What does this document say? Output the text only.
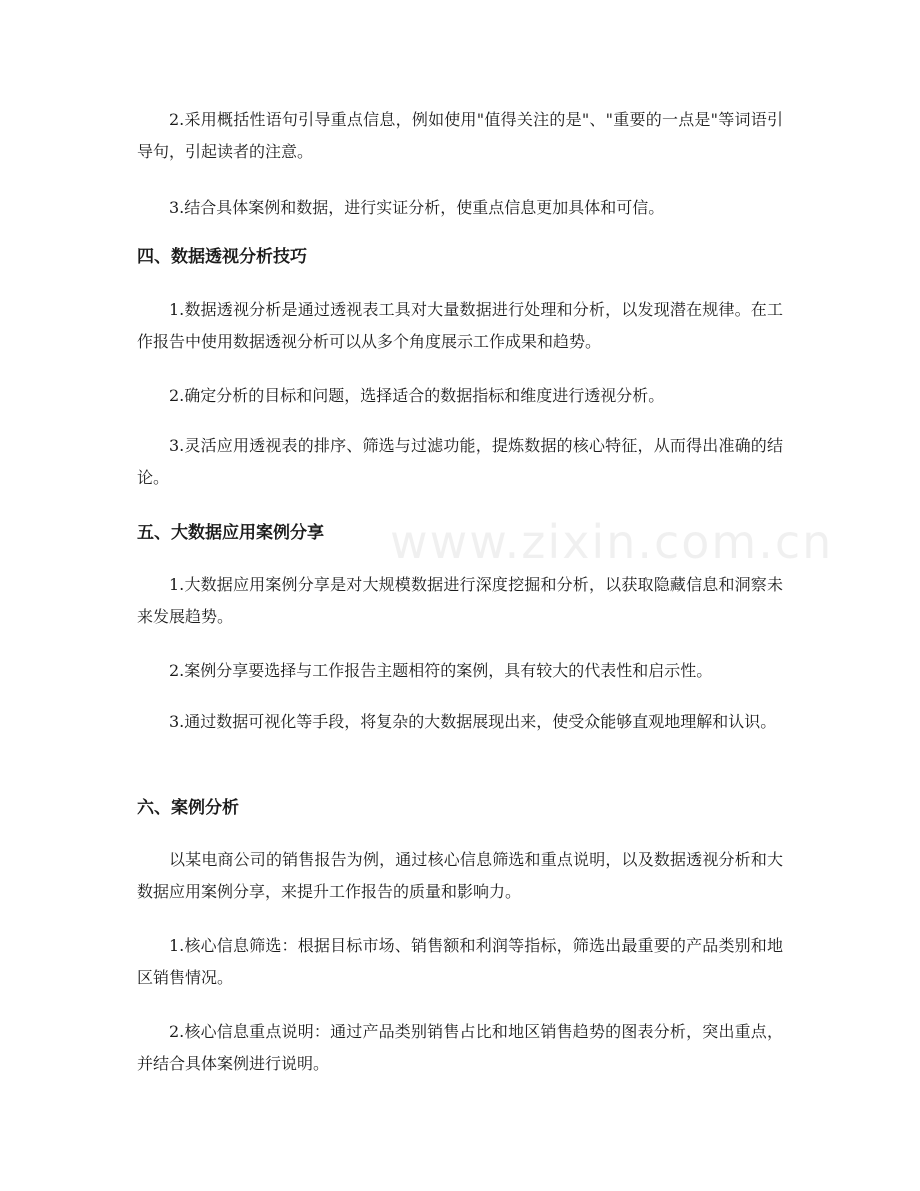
2.采用概括性语句引导重点信息，例如使用"值得关注的是"、"重要的一点是"等词语引导句，引起读者的注意。

3.结合具体案例和数据，进行实证分析，使重点信息更加具体和可信。

四、数据透视分析技巧

1.数据透视分析是通过透视表工具对大量数据进行处理和分析，以发现潜在规律。在工作报告中使用数据透视分析可以从多个角度展示工作成果和趋势。

2.确定分析的目标和问题，选择适合的数据指标和维度进行透视分析。

3.灵活应用透视表的排序、筛选与过滤功能，提炼数据的核心特征，从而得出准确的结论。

五、大数据应用案例分享

1.大数据应用案例分享是对大规模数据进行深度挖掘和分析，以获取隐藏信息和洞察未来发展趋势。

2.案例分享要选择与工作报告主题相符的案例，具有较大的代表性和启示性。

3.通过数据可视化等手段，将复杂的大数据展现出来，使受众能够直观地理解和认识。

六、案例分析

以某电商公司的销售报告为例，通过核心信息筛选和重点说明，以及数据透视分析和大数据应用案例分享，来提升工作报告的质量和影响力。

1.核心信息筛选：根据目标市场、销售额和利润等指标，筛选出最重要的产品类别和地区销售情况。

2.核心信息重点说明：通过产品类别销售占比和地区销售趋势的图表分析，突出重点，并结合具体案例进行说明。

www.zixin.com.cn
